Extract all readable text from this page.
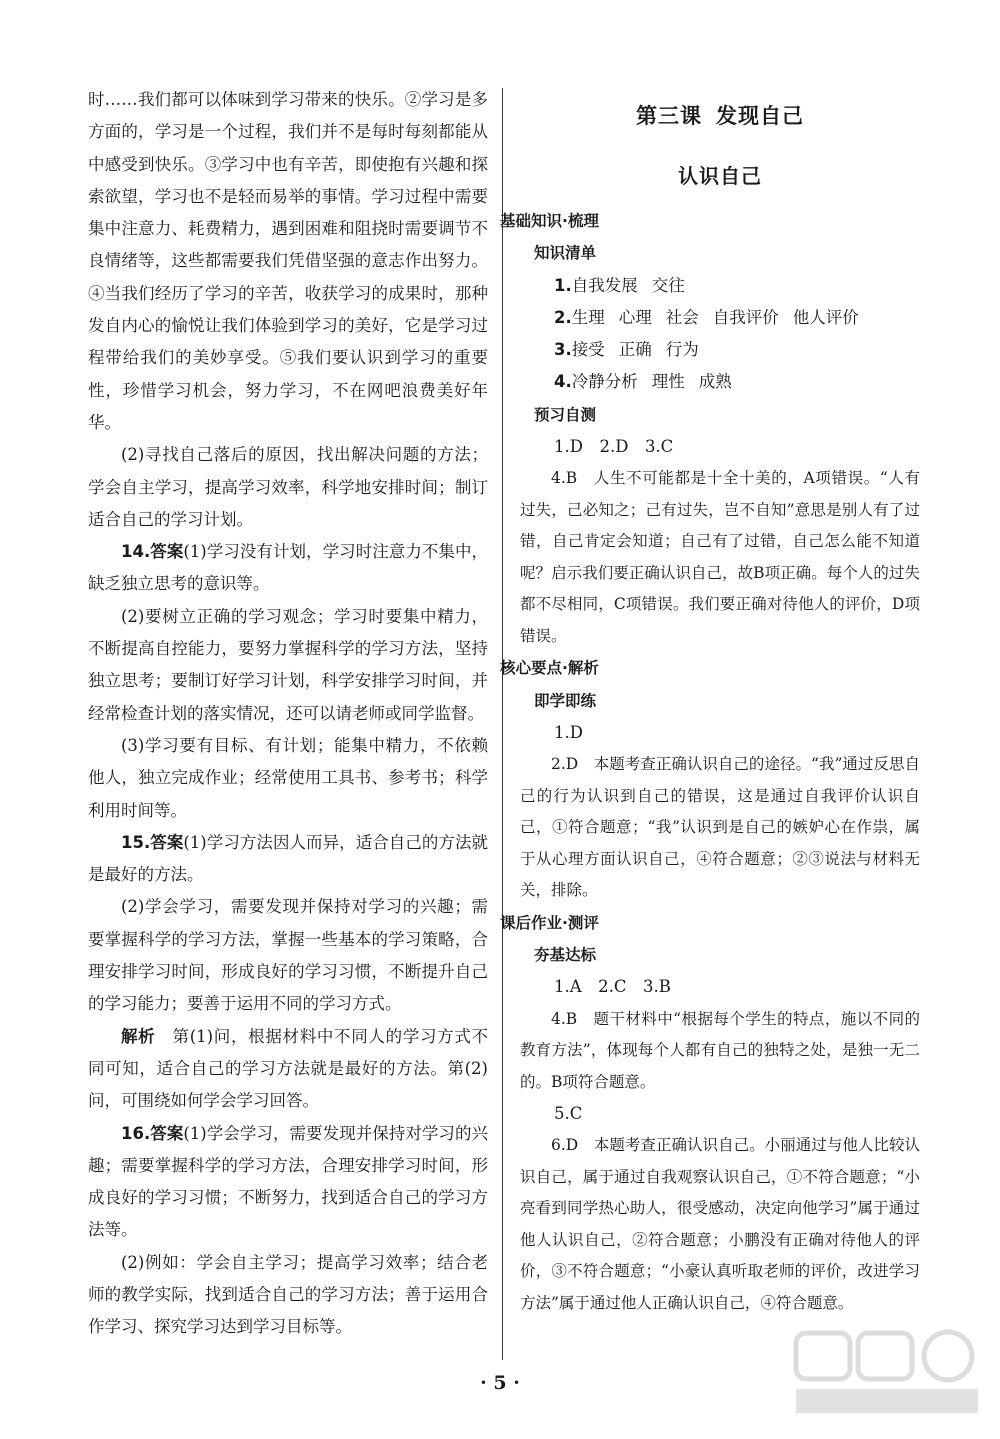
时……我们都可以体味到学习带来的快乐。②学习是多方面的，学习是一个过程，我们并不是每时每刻都能从中感受到快乐。③学习中也有辛苦，即使抱有兴趣和探索欲望，学习也不是轻而易举的事情。学习过程中需要集中注意力、耗费精力，遇到困难和阻挠时需要调节不良情绪等，这些都需要我们凭借坚强的意志作出努力。④当我们经历了学习的辛苦，收获学习的成果时，那种发自内心的愉悦让我们体验到学习的美好，它是学习过程带给我们的美妙享受。⑤我们要认识到学习的重要性，珍惜学习机会，努力学习，不在网吧浪费美好年华。

(2)寻找自己落后的原因，找出解决问题的方法；学会自主学习，提高学习效率，科学地安排时间；制订适合自己的学习计划。

14.答案(1)学习没有计划，学习时注意力不集中，缺乏独立思考的意识等。

(2)要树立正确的学习观念；学习时要集中精力，不断提高自控能力，要努力掌握科学的学习方法，坚持独立思考；要制订好学习计划，科学安排学习时间，并经常检查计划的落实情况，还可以请老师或同学监督。

(3)学习要有目标、有计划；能集中精力，不依赖他人，独立完成作业；经常使用工具书、参考书；科学利用时间等。

15.答案(1)学习方法因人而异，适合自己的方法就是最好的方法。

(2)学会学习，需要发现并保持对学习的兴趣；需要掌握科学的学习方法，掌握一些基本的学习策略，合理安排学习时间，形成良好的学习习惯，不断提升自己的学习能力；要善于运用不同的学习方式。

解析  第(1)问，根据材料中不同人的学习方式不同可知，适合自己的学习方法就是最好的方法。第(2)问，可围绕如何学会学习回答。

16.答案(1)学会学习，需要发现并保持对学习的兴趣；需要掌握科学的学习方法，合理安排学习时间，形成良好的学习习惯；不断努力，找到适合自己的学习方法等。

(2)例如：学会自主学习；提高学习效率；结合老师的教学实际，找到适合自己的学习方法；善于运用合作学习、探究学习达到学习目标等。

第三课 发现自己
认识自己
基础知识·梳理
知识清单
1.自我发展 交往
2.生理 心理 社会 自我评价 他人评价
3.接受 正确 行为
4.冷静分析 理性 成熟
预习自测
1.D　2.D　3.C

4.B　人生不可能都是十全十美的，A项错误。“人有过失，己必知之；己有过失，岂不自知”意思是别人有了过错，自己肯定会知道；自己有了过错，自己怎么能不知道呢？启示我们要正确认识自己，故B项正确。每个人的过失都不尽相同，C项错误。我们要正确对待他人的评价，D项错误。

核心要点·解析
即学即练
1.D

2.D　本题考查正确认识自己的途径。“我”通过反思自己的行为认识到自己的错误，这是通过自我评价认识自己，①符合题意；“我”认识到是自己的嫉妒心在作祟，属于从心理方面认识自己，④符合题意；②③说法与材料无关，排除。

课后作业·测评
夯基达标
1.A　2.C　3.B

4.B　题干材料中“根据每个学生的特点，施以不同的教育方法”，体现每个人都有自己的独特之处，是独一无二的。B项符合题意。

5.C

6.D　本题考查正确认识自己。小丽通过与他人比较认识自己，属于通过自我观察认识自己，①不符合题意；“小亮看到同学热心助人，很受感动，决定向他学习”属于通过他人认识自己，②符合题意；小鹏没有正确对待他人的评价，③不符合题意；“小豪认真听取老师的评价，改进学习方法”属于通过他人正确认识自己，④符合题意。

· 5 ·
